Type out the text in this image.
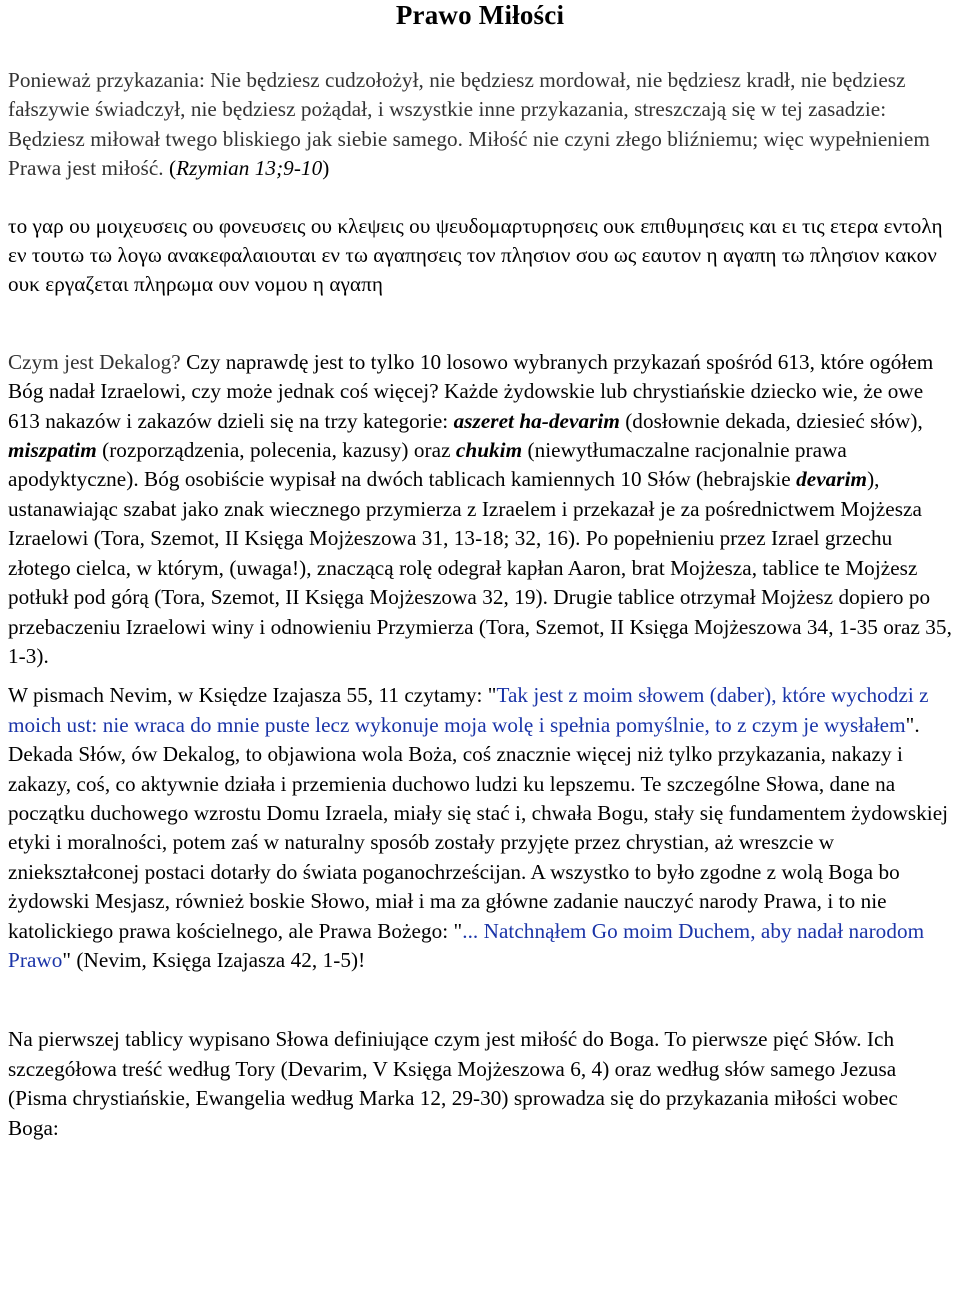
Prawo Miłości

Ponieważ przykazania: Nie będziesz cudzołożył, nie będziesz mordował, nie będziesz kradł, nie będziesz fałszywie świadczył, nie będziesz pożądał, i wszystkie inne przykazania, streszczają się w tej zasadzie: Będziesz miłował twego bliskiego jak siebie samego. Miłość nie czyni złego bliźniemu; więc wypełnieniem Prawa jest miłość. (Rzymian 13;9-10)

το γαρ ου μοιχευσεις ου φονευσεις ου κλεψεις ου ψευδομαρτυρησεις ουκ επιθυμησεις και ει τις ετερα εντολη εν τουτω τω λογω ανακεφαλαιουται εν τω αγαπησεις τον πλησιον σου ως εαυτον η αγαπη τω πλησιον κακον ουκ εργαζεται πληρωμα ουν νομου η αγαπη

Czym jest Dekalog? Czy naprawdę jest to tylko 10 losowo wybranych przykazań spośród 613, które ogółem Bóg nadał Izraelowi, czy może jednak coś więcej? Każde żydowskie lub chrystiańskie dziecko wie, że owe 613 nakazów i zakazów dzieli się na trzy kategorie: aszeret ha-devarim (dosłownie dekada, dziesieć słów), miszpatim (rozporządzenia, polecenia, kazusy) oraz chukim (niewytłumaczalne racjonalnie prawa apodyktyczne). Bóg osobiście wypisał na dwóch tablicach kamiennych 10 Słów (hebrajskie devarim), ustanawiając szabat jako znak wiecznego przymierza z Izraelem i przekazał je za pośrednictwem Mojżesza Izraelowi (Tora, Szemot, II Księga Mojżeszowa 31, 13-18; 32, 16). Po popełnieniu przez Izrael grzechu złotego cielca, w którym, (uwaga!), znaczącą rolę odegrał kapłan Aaron, brat Mojżesza, tablice te Mojżesz potłukł pod górą (Tora, Szemot, II Księga Mojżeszowa 32, 19). Drugie tablice otrzymał Mojżesz dopiero po przebaczeniu Izraelowi winy i odnowieniu Przymierza (Tora, Szemot, II Księga Mojżeszowa 34, 1-35 oraz 35, 1-3).

W pismach Nevim, w Księdze Izajasza 55, 11 czytamy: "Tak jest z moim słowem (daber), które wychodzi z moich ust: nie wraca do mnie puste lecz wykonuje moja wolę i spełnia pomyślnie, to z czym je wysłałem". Dekada Słów, ów Dekalog, to objawiona wola Boża, coś znacznie więcej niż tylko przykazania, nakazy i zakazy, coś, co aktywnie działa i przemienia duchowo ludzi ku lepszemu. Te szczególne Słowa, dane na początku duchowego wzrostu Domu Izraela, miały się stać i, chwała Bogu, stały się fundamentem żydowskiej etyki i moralności, potem zaś w naturalny sposób zostały przyjęte przez chrystian, aż wreszcie w zniekształconej postaci dotarły do świata poganochrześcijan. A wszystko to było zgodne z wolą Boga bo żydowski Mesjasz, również boskie Słowo, miał i ma za główne zadanie nauczyć narody Prawa, i to nie katolickiego prawa kościelnego, ale Prawa Bożego: "... Natchnąłem Go moim Duchem, aby nadał narodom Prawo" (Nevim, Księga Izajasza 42, 1-5)!

Na pierwszej tablicy wypisano Słowa definiujące czym jest miłość do Boga. To pierwsze pięć Słów. Ich szczegółowa treść według Tory (Devarim, V Księga Mojżeszowa 6, 4) oraz według słów samego Jezusa (Pisma chrystiańskie, Ewangelia według Marka 12, 29-30) sprowadza się do przykazania miłości wobec Boga:
